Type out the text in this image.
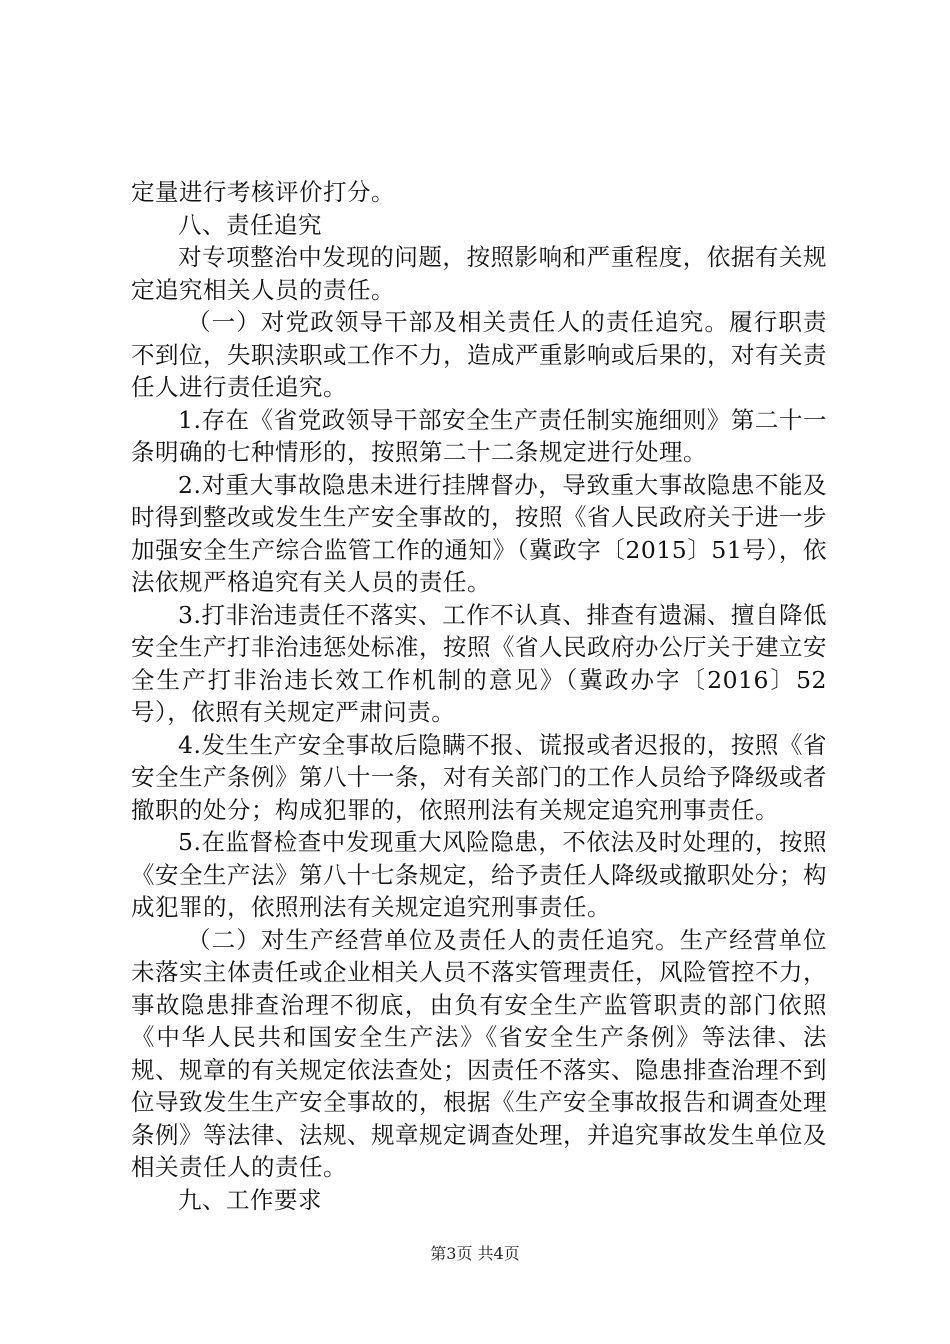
定量进行考核评价打分。

八、责任追究

对专项整治中发现的问题，按照影响和严重程度，依据有关规定追究相关人员的责任。

（一）对党政领导干部及相关责任人的责任追究。履行职责不到位，失职渎职或工作不力，造成严重影响或后果的，对有关责任人进行责任追究。

1.存在《省党政领导干部安全生产责任制实施细则》第二十一条明确的七种情形的，按照第二十二条规定进行处理。

2.对重大事故隐患未进行挂牌督办，导致重大事故隐患不能及时得到整改或发生生产安全事故的，按照《省人民政府关于进一步加强安全生产综合监管工作的通知》（冀政字〔2015〕51号），依法依规严格追究有关人员的责任。

3.打非治违责任不落实、工作不认真、排查有遗漏、擅自降低安全生产打非治违惩处标准，按照《省人民政府办公厅关于建立安全生产打非治违长效工作机制的意见》（冀政办字〔2016〕52号），依照有关规定严肃问责。

4.发生生产安全事故后隐瞒不报、谎报或者迟报的，按照《省安全生产条例》第八十一条，对有关部门的工作人员给予降级或者撤职的处分；构成犯罪的，依照刑法有关规定追究刑事责任。

5.在监督检查中发现重大风险隐患，不依法及时处理的，按照《安全生产法》第八十七条规定，给予责任人降级或撤职处分；构成犯罪的，依照刑法有关规定追究刑事责任。

（二）对生产经营单位及责任人的责任追究。生产经营单位未落实主体责任或企业相关人员不落实管理责任，风险管控不力，事故隐患排查治理不彻底，由负有安全生产监管职责的部门依照《中华人民共和国安全生产法》《省安全生产条例》等法律、法规、规章的有关规定依法查处；因责任不落实、隐患排查治理不到位导致发生生产安全事故的，根据《生产安全事故报告和调查处理条例》等法律、法规、规章规定调查处理，并追究事故发生单位及相关责任人的责任。

九、工作要求

第3页 共4页
